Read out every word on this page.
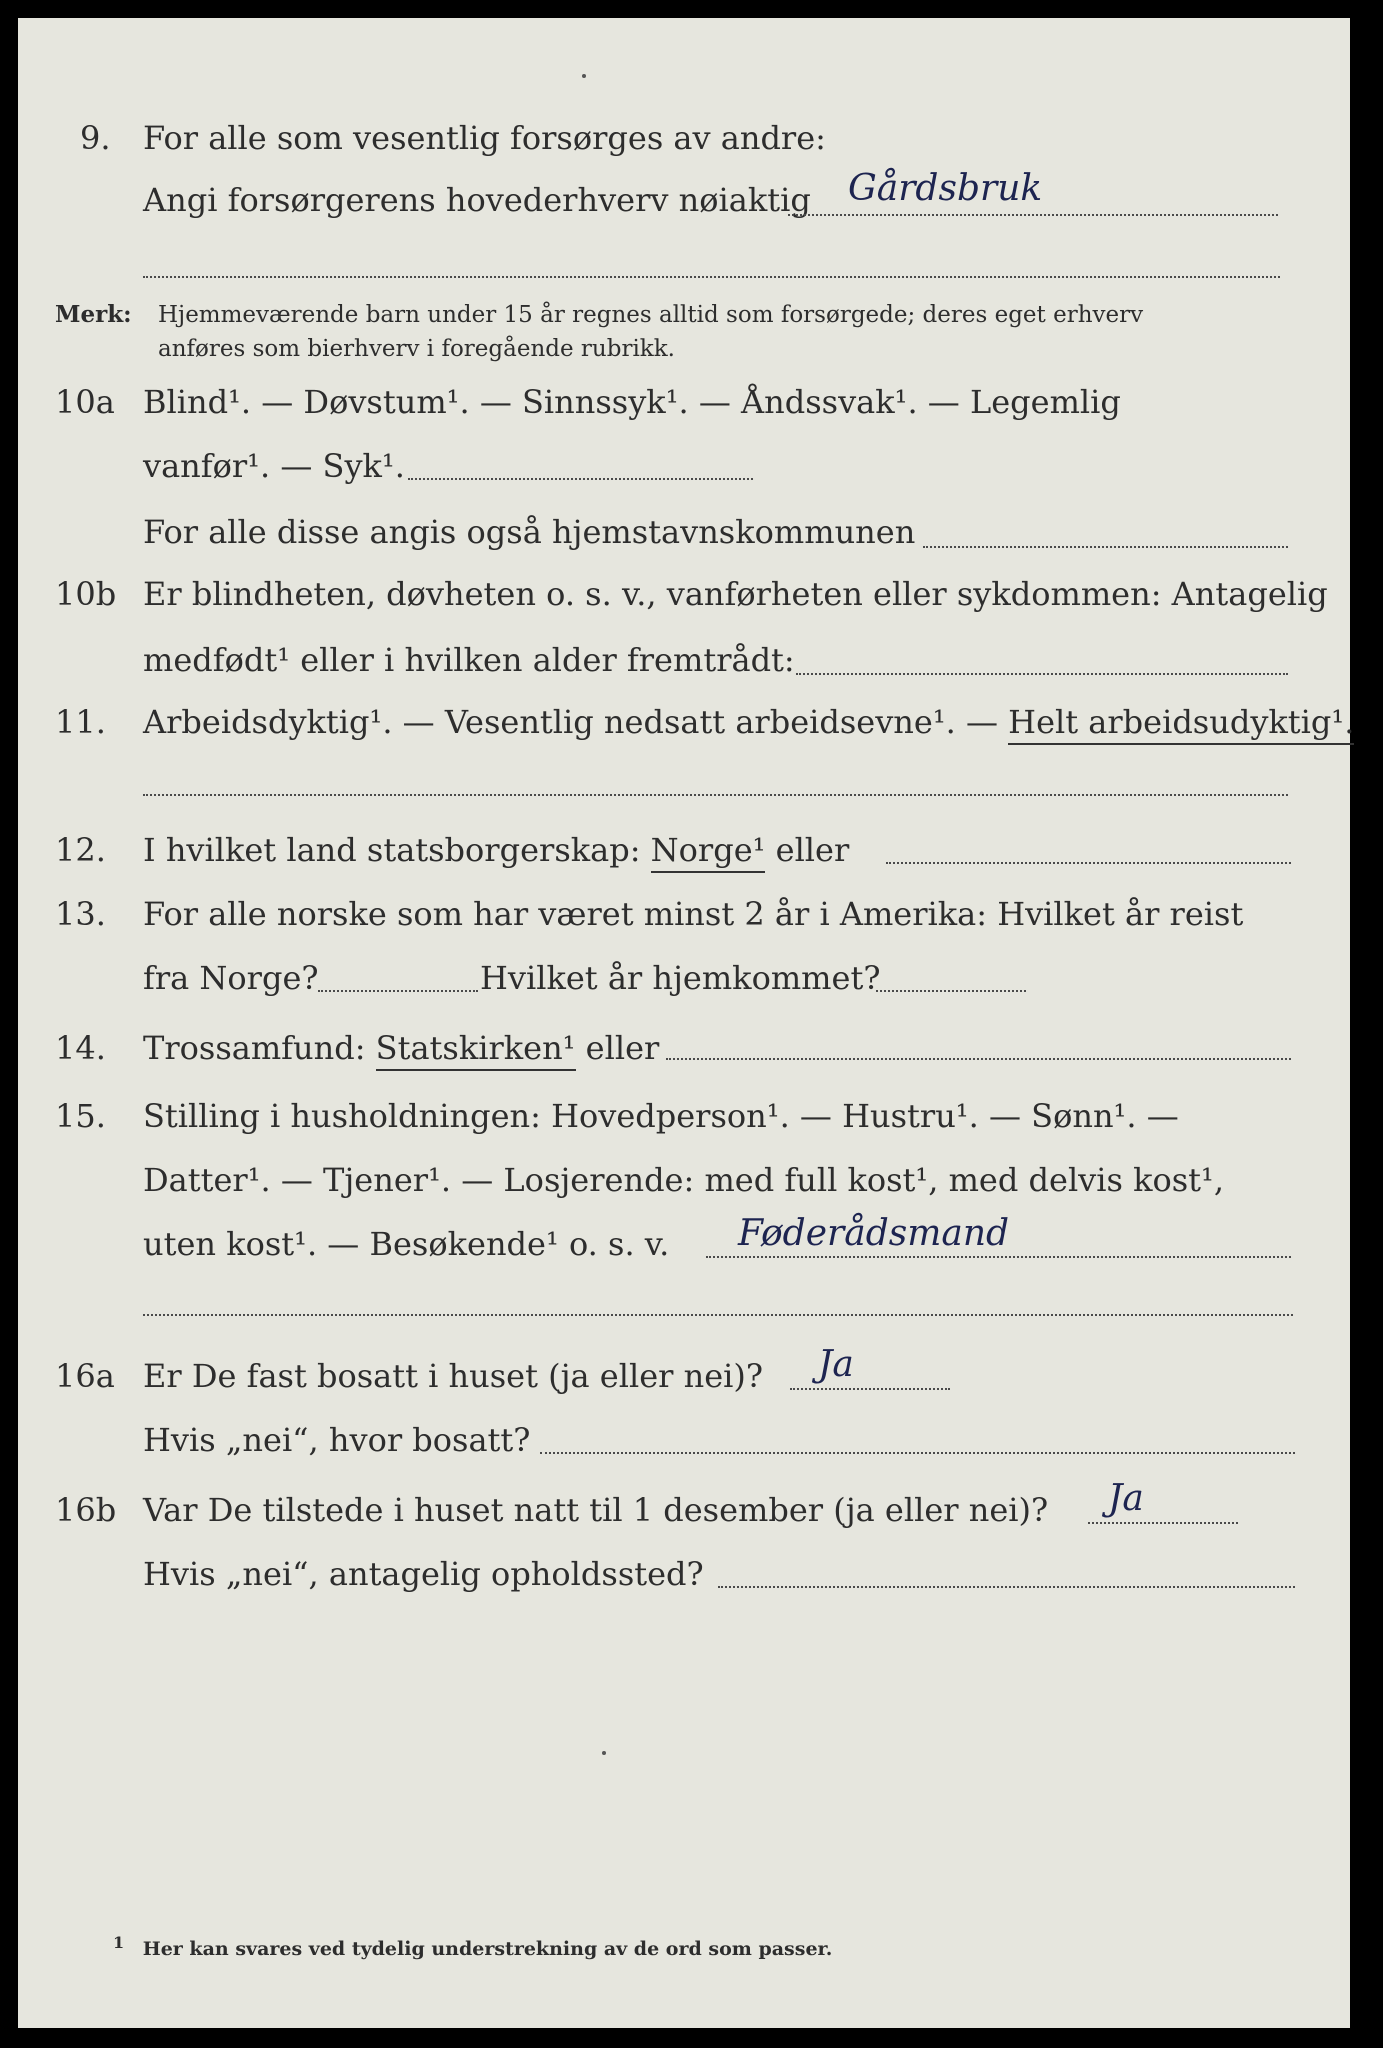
9. For alle som vesentlig forsørges av andre:
Angi forsørgerens hovederhverv nøiaktig Gårdsbruk
Merk: Hjemmeværende barn under 15 år regnes alltid som forsørgede; deres eget erhverv
anføres som bierhverv i foregående rubrikk.
10a Blind¹. — Døvstum¹. — Sinnssyk¹. — Åndssvak¹. — Legemlig
vanfør¹. — Syk¹.
For alle disse angis også hjemstavnskommunen
10b Er blindheten, døvheten o. s. v., vanførheten eller sykdommen: Antagelig
medfødt¹ eller i hvilken alder fremtrådt:
11. Arbeidsdyktig¹. — Vesentlig nedsatt arbeidsevne¹. — Helt arbeidsudyktig¹.
12. I hvilket land statsborgerskap: Norge¹ eller
13. For alle norske som har været minst 2 år i Amerika: Hvilket år reist
fra Norge?	Hvilket år hjemkommet?
14. Trossamfund: Statskirken¹ eller
15. Stilling i husholdningen: Hovedperson¹. — Hustru¹. — Sønn¹. —
Datter¹. — Tjener¹. — Losjerende: med full kost¹, med delvis kost¹,
uten kost¹. — Besøkende¹ o. s. v. Føderådsmand
16a Er De fast bosatt i huset (ja eller nei)? Ja
Hvis „nei“, hvor bosatt?
16b Var De tilstede i huset natt til 1 desember (ja eller nei)? Ja
Hvis „nei“, antagelig opholdssted?
$^1$ Her kan svares ved tydelig understrekning av de ord som passer.
